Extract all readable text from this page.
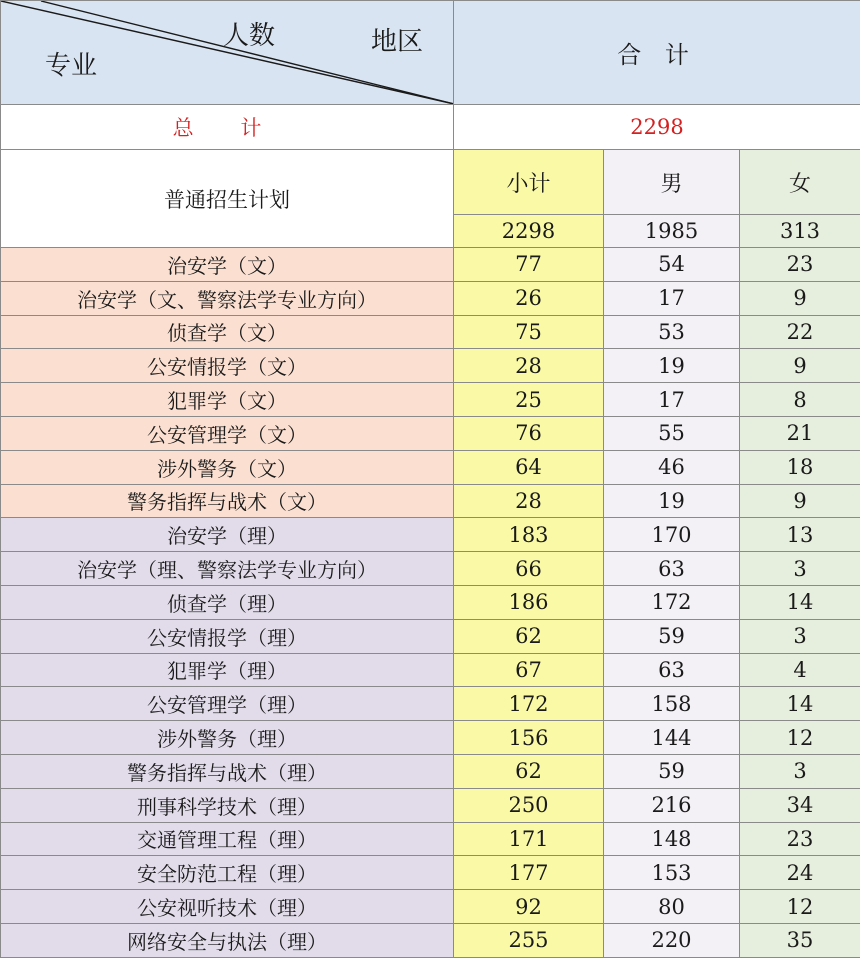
专业
人数 地区	合 计		
总 计	2298		
普通招生计划	小计	男	女
	2298	1985	313
治安学（文）	77	54	23
治安学（文、警察法学专业方向）	26	17	9
侦查学（文）	75	53	22
公安情报学（文）	28	19	9
犯罪学（文）	25	17	8
公安管理学（文）	76	55	21
涉外警务（文）	64	46	18
警务指挥与战术（文）	28	19	9
治安学（理）	183	170	13
治安学（理、警察法学专业方向）	66	63	3
侦查学（理）	186	172	14
公安情报学（理）	62	59	3
犯罪学（理）	67	63	4
公安管理学（理）	172	158	14
涉外警务（理）	156	144	12
警务指挥与战术（理）	62	59	3
刑事科学技术（理）	250	216	34
交通管理工程（理）	171	148	23
安全防范工程（理）	177	153	24
公安视听技术（理）	92	80	12
网络安全与执法（理）	255	220	35
